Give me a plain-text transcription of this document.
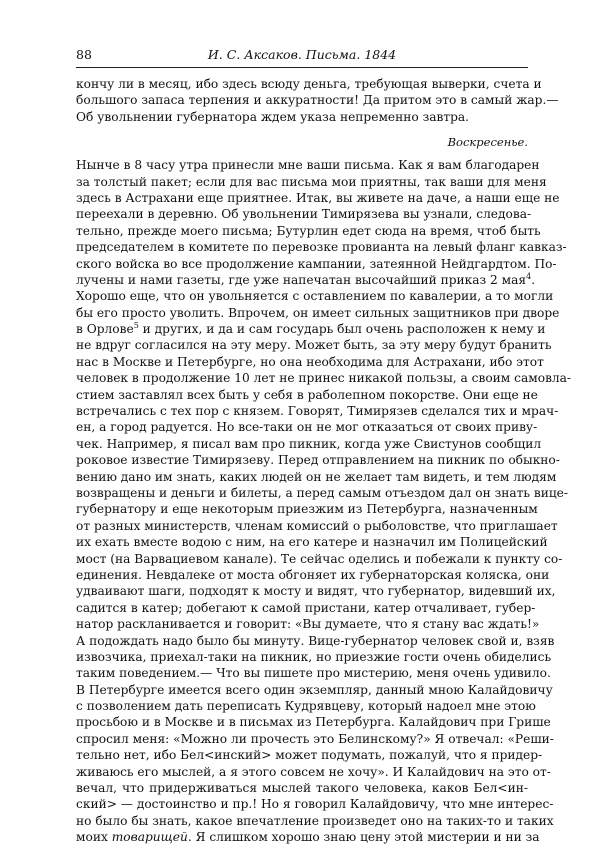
88	И. С. Аксаков. Письма. 1844
кончу ли в месяц, ибо здесь всюду деньга, требующая выверки, счета и
большого запаса терпения и аккуратности! Да притом это в самый жар.—
Об увольнении губернатора ждем указа непременно завтра.
Воскресенье.
Нынче в 8 часу утра принесли мне ваши письма. Как я вам благодарен
за толстый пакет; если для вас письма мои приятны, так ваши для меня
здесь в Астрахани еще приятнее. Итак, вы живете на даче, а наши еще не
переехали в деревню. Об увольнении Тимирязева вы узнали, следова-
тельно, прежде моего письма; Бутурлин едет сюда на время, чтоб быть
председателем в комитете по перевозке провианта на левый фланг кавказ-
ского войска во все продолжение кампании, затеянной Нейдгардтом. По-
лучены и нами газеты, где уже напечатан высочайший приказ 2 мая$^4$.
Хорошо еще, что он увольняется с оставлением по кавалерии, а то могли
бы его просто уволить. Впрочем, он имеет сильных защитников при дворе
в Орлове$^5$ и других, и да и сам государь был очень расположен к нему и
не вдруг согласился на эту меру. Может быть, за эту меру будут бранить
нас в Москве и Петербурге, но она необходима для Астрахани, ибо этот
человек в продолжение 10 лет не принес никакой пользы, а своим самовла-
стием заставлял всех быть у себя в раболепном покорстве. Они еще не
встречались с тех пор с князем. Говорят, Тимирязев сделался тих и мрач-
ен, а город радуется. Но все-таки он не мог отказаться от своих приву-
чек. Например, я писал вам про пикник, когда уже Свистунов сообщил
роковое известие Тимирязеву. Перед отправлением на пикник по обыкно-
вению дано им знать, каких людей он не желает там видеть, и тем людям
возвращены и деньги и билеты, а перед самым отъездом дал он знать вице-
губернатору и еще некоторым приезжим из Петербурга, назначенным
от разных министерств, членам комиссий о рыболовстве, что приглашает
их ехать вместе водою с ним, на его катере и назначил им Полицейский
мост (на Варвациевом канале). Те сейчас оделись и побежали к пункту со-
единения. Невдалеке от моста обгоняет их губернаторская коляска, они
удваивают шаги, подходят к мосту и видят, что губернатор, видевший их,
садится в катер; добегают к самой пристани, катер отчаливает, губер-
натор раскланивается и говорит: «Вы думаете, что я стану вас ждать!»
А подождать надо было бы минуту. Вице-губернатор человек свой и, взяв
извозчика, приехал-таки на пикник, но приезжие гости очень обиделись
таким поведением.— Что вы пишете про мистерию, меня очень удивило.
В Петербурге имеется всего один экземпляр, данный мною Калайдовичу
с позволением дать переписать Кудрявцеву, который надоел мне этою
просьбою и в Москве и в письмах из Петербурга. Калайдович при Грише
спросил меня: «Можно ли прочесть это Белинскому?» Я отвечал: «Реши-
тельно нет, ибо Бел<инский> может подумать, пожалуй, что я придер-
живаюсь его мыслей, а я этого совсем не хочу». И Калайдович на это от-
вечал, что придерживаться мыслей такого человека, каков Бел<ин-
ский> — достоинство и пр.! Но я говорил Калайдовичу, что мне интерес-
но было бы знать, какое впечатление произведет оно на таких-то и таких
моих товарищей. Я слишком хорошо знаю цену этой мистерии и ни за
